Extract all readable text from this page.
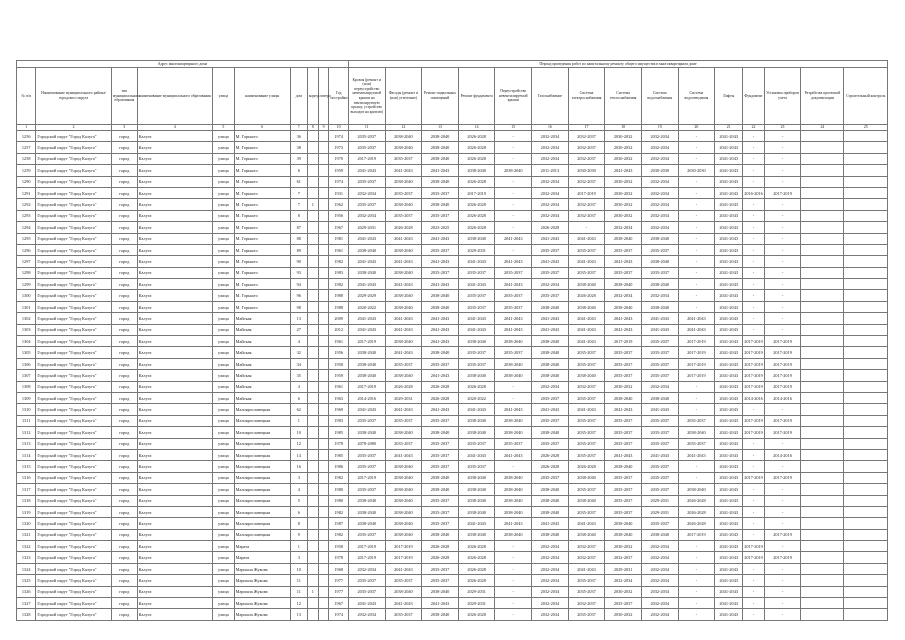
Адрес многоквартирного дома										Период проведения работ по капитальному ремонту общего имущества в многоквартирном доме														
№ п/п	Наименование муниципального района/городского округа	тип муниципального образования	наименование муниципального образования	улица	наименование улицы	дом	корпус	литера	Год постройки	Кровля (ремонт и (или) переустройство невентилируемой крыши на вентилируемую крышу, устройство выходов на кровлю)	Фасады (ремонт и (или) утепление)	Ремонт подвальных помещений	Ремонт фундамента	Переустройство невентилируемой крыши	Газоснабжение	Система электроснабжения	Система теплоснабжения	Система водоснабжения	Система водоотведения	Лифты	Фундамент	Установка приборов учета	Разработка проектной документации	Строительный контроль
1	2	3	4	5	6	7	8	9	10	11	12	13	14	15	16	17	18	19	20	21	22	23	24	25
1256	Городской округ "Город Калуга"	город	Калуга	улица	М. Горького	36			1974	2035-2037	2038-2040	2038-2040	2026-2028	-	2032-2034	2032-2037	2030-2032	2032-2034	-	2041-2043	-	-		
1257	Городской округ "Город Калуга"	город	Калуга	улица	М. Горького	38			1973	2035-2037	2038-2040	2038-2040	2026-2028	-	2032-2034	2032-2037	2030-2032	2032-2034	-	2041-2043	-	-		
1258	Городской округ "Город Калуга"	город	Калуга	улица	М. Горького	39			1970	2017-2019	2035-2037	2038-2040	2026-2028	-	2032-2034	2032-2037	2030-2032	2032-2034	-	2041-2043	-	-		
1259	Городской округ "Город Калуга"	город	Калуга	улица	М. Горького	6			1959	2041-2043	2041-2043	2041-2043	2038-2040	2038-2040	2011-2013	2030-2030	2041-2043	2030-2030	2030-2030	2041-2043	-	-		
1290	Городской округ "Город Калуга"	город	Калуга	улица	М. Горького	61			1974	2035-2037	2038-2040	2038-2040	2026-2028	-	2032-2034	2032-2037	2030-2032	2032-2034	-	2041-2043	-	-		
1291	Городской округ "Город Калуга"	город	Калуга	улица	М. Горького	7			1931	2032-2034	2035-2037	2035-2037	2017-2019	-	2032-2034	2017-2019	2030-2032	2032-2034	-	2041-2043	2016-2016	2017-2019		
1292	Городской округ "Город Калуга"	город	Калуга	улица	М. Горького	7	1		1962	2035-2037	2038-2040	2038-2040	2026-2028	-	2032-2034	2032-2037	2030-2032	2032-2034	-	2041-2043	-	-		
1293	Городской округ "Город Калуга"	город	Калуга	улица	М. Горького	8			1956	2032-2034	2035-2037	2035-2037	2026-2028	-	2032-2034	2032-2037	2030-2032	2032-2034	-	2041-2043	-	-		
1294	Городской округ "Город Калуга"	город	Калуга	улица	М. Горького	87			1967	2029-2031	2026-2028	2023-2025	2026-2028	-	2026-2028	-	2032-2034	2032-2034	-	2041-2043	-	-		
1295	Городской округ "Город Калуга"	город	Калуга	улица	М. Горького	88			1981	2041-2043	2041-2043	2041-2043	2038-2040	2041-2043	2041-2043	2041-2043	2038-2040	2038-2040	-	2041-2043	-	-		
1296	Городской округ "Город Калуга"	город	Калуга	улица	М. Горького	89			1961	2038-2040	2038-2040	2035-2037	2029-2031	-	2035-2037	2035-2037	2035-2037	2035-2037	-	2041-2043	-	-		
1297	Городской округ "Город Калуга"	город	Калуга	улица	М. Горького	90			1982	2041-2043	2041-2043	2041-2043	2041-2043	2041-2043	2041-2043	2041-2043	2041-2043	2038-2040	-	2041-2043	-	-		
1298	Городской округ "Город Калуга"	город	Калуга	улица	М. Горького	93			1983	2038-2040	2038-2040	2035-2037	2035-2037	2035-2037	2035-2037	2035-2037	2035-2037	2035-2037	-	2041-2043	-	-		
1299	Городской округ "Город Калуга"	город	Калуга	улица	М. Горького	94			1982	2041-2043	2041-2043	2041-2043	2041-2043	2041-2043	2032-2034	2038-2040	2038-2040	2038-2040	-	2041-2043	-	-		
1300	Городской округ "Город Калуга"	город	Калуга	улица	М. Горького	96			1988	2029-2029	2038-2040	2038-2040	2035-2037	2035-2037	2035-2037	2026-2028	2032-2034	2032-2034	-	2041-2043	-	-		
1301	Городской округ "Город Калуга"	город	Калуга	улица	М. Горького	98			1988	2020-2022	2038-2040	2038-2040	2035-2037	2035-2037	2038-2040	2038-2040	2038-2040	2038-2040	-	2041-2043	-	-		
1302	Городской округ "Город Калуга"	город	Калуга	улица	Майская	13			2009	2041-2043	2041-2043	2041-2043	2041-2043	2041-2043	2041-2043	2041-2043	2041-2043	2041-2043	2041-2043	2041-2043	-	-		
1303	Городской округ "Город Калуга"	город	Калуга	улица	Майская	27			2012	2041-2043	2041-2043	2041-2043	2041-2043	2041-2043	2041-2043	2041-2043	2041-2043	2041-2043	2041-2043	2041-2043	-	-		
1304	Городской округ "Город Калуга"	город	Калуга	улица	Майская	4			1961	2017-2019	2038-2040	2041-2043	2038-2040	2038-2040	2038-2040	2041-2043	2017-2019	2035-2037	2017-2019	2041-2043	2017-2019	2017-2019		
1305	Городской округ "Город Калуга"	город	Калуга	улица	Майская	32			1956	2038-2040	2041-2043	2038-2040	2035-2037	2035-2037	2038-2040	2035-2037	2035-2037	2035-2037	2017-2019	2041-2043	2017-2019	2017-2019		
1306	Городской округ "Город Калуга"	город	Калуга	улица	Майская	34			1958	2038-2040	2035-2037	2035-2037	2035-2037	2038-2040	2038-2040	2035-2037	2035-2037	2035-2037	2017-2019	2041-2043	2017-2019	2017-2019		
1307	Городской округ "Город Калуга"	город	Калуга	улица	Майская	35			1959	2038-2040	2038-2040	2041-2043	2038-2040	2038-2040	2038-2040	2038-2040	2035-2037	2035-2037	2017-2019	2041-2043	2017-2019	2017-2019		
1308	Городской округ "Город Калуга"	город	Калуга	улица	Майская	4			1961	2017-2019	2026-2028	2026-2028	2026-2028	-	2032-2034	2032-2037	2030-2032	2032-2034	-	2041-2043	2017-2019	2017-2019		
1309	Городской округ "Город Калуга"	город	Калуга	улица	Майская	6			1963	2014-2016	2029-2031	2026-2028	2020-2022	-	2035-2037	2035-2037	2038-2040	2038-2040	-	2041-2043	2014-2016	2014-2016		
1310	Городской округ "Город Калуга"	город	Калуга	улица	Малоярославецкая	62			1969	2041-2043	2041-2043	2041-2043	2041-2043	2041-2043	2041-2043	2041-2043	2041-2043	2041-2043	-	2041-2043	-	-		
1311	Городской округ "Город Калуга"	город	Калуга	улица	Малоярославецкая	1			1983	2035-2037	2035-2037	2035-2037	2038-2040	2038-2040	2035-2037	2035-2037	2035-2037	2035-2037	2035-2037	2041-2043	2017-2019	2017-2019		
1312	Городской округ "Город Калуга"	город	Калуга	улица	Малоярославецкая	10			1985	2038-2040	2038-2040	2038-2040	2038-2040	2038-2040	2038-2040	2035-2037	2035-2037	2035-2037	2038-2040	2041-2043	2017-2019	2017-2019		
1313	Городской округ "Город Калуга"	город	Калуга	улица	Малоярославецкая	12			1978	2078-2080	2035-2037	2035-2037	2035-2037	2035-2037	2035-2037	2035-2037	2035-2037	2035-2037	2035-2037	2041-2043	-	-		
1314	Городской округ "Город Калуга"	город	Калуга	улица	Малоярославецкая	14			1985	2035-2037	2041-2043	2035-2037	2041-2043	2041-2043	2026-2028	2035-2037	2041-2043	2041-2043	2041-2043	2041-2043	-	2014-2016		
1315	Городской округ "Город Калуга"	город	Калуга	улица	Малоярославецкая	16			1986	2035-2037	2038-2040	2035-2037	2035-2037	-	2026-2028	2026-2028	2038-2040	2035-2037	-	2041-2043	-	-		
1316	Городской округ "Город Калуга"	город	Калуга	улица	Малоярославецкая	3			1982	2017-2019	2038-2040	2038-2040	2038-2040	2038-2040	2035-2037	2038-2040	2035-2037	2035-2037	-	2041-2043	2017-2019	2017-2019		
1317	Городской округ "Город Калуга"	город	Калуга	улица	Малоярославецкая	4			1980	2035-2037	2038-2040	2038-2040	2038-2040	2038-2040	2038-2040	2035-2037	2035-2037	2035-2037	2038-2040	2041-2043	-	-		
1318	Городской округ "Город Калуга"	город	Калуга	улица	Малоярославецкая	5			1980	2038-2040	2038-2040	2035-2037	2038-2040	2038-2040	2038-2040	2038-2040	2035-2037	2029-2031	2026-2028	2041-2043	-	-		
1319	Городской округ "Город Калуга"	город	Калуга	улица	Малоярославецкая	6			1982	2038-2040	2038-2040	2035-2037	2038-2040	2038-2040	2038-2040	2035-2037	2035-2037	2029-2031	2026-2028	2041-2043	-	-		
1320	Городской округ "Город Калуга"	город	Калуга	улица	Малоярославецкая	8			1987	2038-2040	2038-2040	2035-2037	2041-2043	2041-2043	2041-2043	2041-2043	2038-2040	2035-2037	2026-2028	2041-2043	-	-		
1321	Городской округ "Город Калуга"	город	Калуга	улица	Малоярославецкая	9			1982	2035-2037	2038-2040	2038-2040	2038-2040	2038-2040	2038-2040	2038-2040	2038-2040	2038-2040	2017-2019	2041-2043	-	2017-2019		
1322	Городской округ "Город Калуга"	город	Калуга	улица	Марата	1			1958	2017-2019	2017-2019	2026-2028	2026-2028	-	2032-2034	2032-2037	2030-2032	2032-2034	-	2041-2043	2017-2019	-		
1323	Городской округ "Город Калуга"	город	Калуга	улица	Марата	3			1978	2017-2019	2017-2019	2026-2028	2026-2028	-	2032-2034	2032-2037	2032-2037	2032-2034	-	2041-2043	2017-2019	2017-2019		
1324	Городской округ "Город Калуга"	город	Калуга	улица	Маршала Жукова	10			1968	2032-2034	2041-2043	2035-2037	2026-2028	-	2032-2034	2041-2043	2029-2031	2032-2034	-	2041-2043	-	-		
1325	Городской округ "Город Калуга"	город	Калуга	улица	Маршала Жукова	11			1977	2035-2037	2035-2037	2035-2037	2026-2028	-	2032-2034	2035-2037	2032-2034	2032-2034	-	2041-2043	-	-		
1326	Городской округ "Город Калуга"	город	Калуга	улица	Маршала Жукова	11	1		1977	2035-2037	2038-2040	2038-2040	2029-2031	-	2032-2034	2035-2037	2030-2032	2032-2034	-	2041-2043	-	-		
1327	Городской округ "Город Калуга"	город	Калуга	улица	Маршала Жукова	12			1967	2041-2043	2041-2043	2041-2043	2029-2031	-	2032-2034	2032-2037	2035-2037	2032-2034	-	2041-2043	-	-		
1328	Городской округ "Город Калуга"	город	Калуга	улица	Маршала Жукова	13			1974	2032-2034	2035-2037	2038-2040	2026-2028	-	2032-2034	2035-2037	2030-2032	2032-2034	-	2041-2043	-	-		
